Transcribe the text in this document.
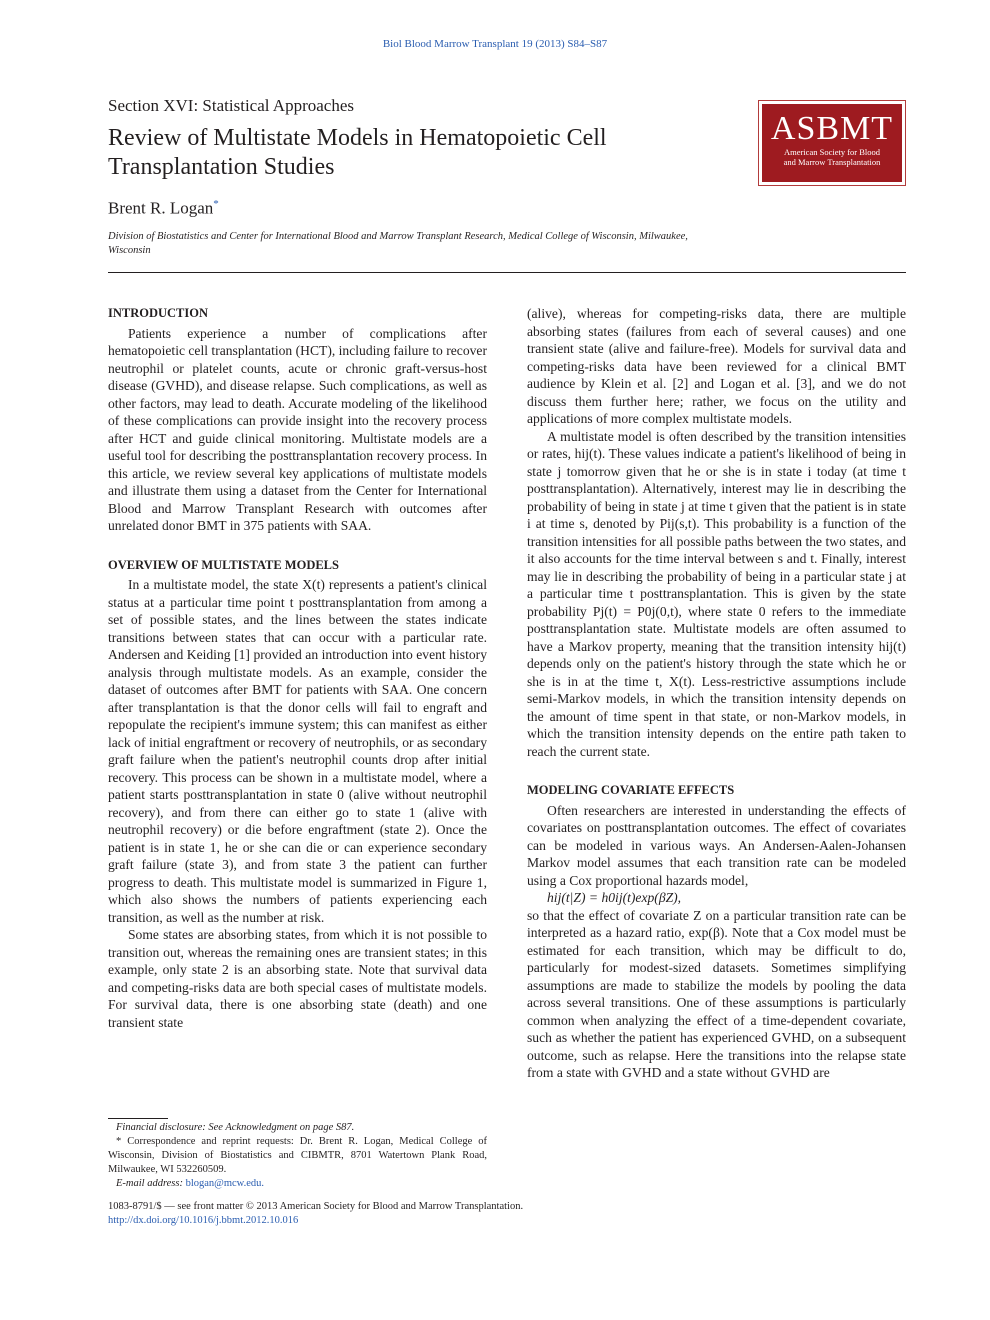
Biol Blood Marrow Transplant 19 (2013) S84–S87
Section XVI: Statistical Approaches
Review of Multistate Models in Hematopoietic Cell Transplantation Studies
Brent R. Logan*
Division of Biostatistics and Center for International Blood and Marrow Transplant Research, Medical College of Wisconsin, Milwaukee, Wisconsin
ASBMT
American Society for Blood
and Marrow Transplantation
INTRODUCTION

Patients experience a number of complications after hematopoietic cell transplantation (HCT), including failure to recover neutrophil or platelet counts, acute or chronic graft-versus-host disease (GVHD), and disease relapse. Such complications, as well as other factors, may lead to death. Accurate modeling of the likelihood of these complications can provide insight into the recovery process after HCT and guide clinical monitoring. Multistate models are a useful tool for describing the posttransplantation recovery process. In this article, we review several key applications of multistate models and illustrate them using a dataset from the Center for International Blood and Marrow Transplant Research with outcomes after unrelated donor BMT in 375 patients with SAA.

OVERVIEW OF MULTISTATE MODELS

In a multistate model, the state X(t) represents a patient's clinical status at a particular time point t posttransplantation from among a set of possible states, and the lines between the states indicate transitions between states that can occur with a particular rate. Andersen and Keiding [1] provided an introduction into event history analysis through multistate models. As an example, consider the dataset of outcomes after BMT for patients with SAA. One concern after transplantation is that the donor cells will fail to engraft and repopulate the recipient's immune system; this can manifest as either lack of initial engraftment or recovery of neutrophils, or as secondary graft failure when the patient's neutrophil counts drop after initial recovery. This process can be shown in a multistate model, where a patient starts posttransplantation in state 0 (alive without neutrophil recovery), and from there can either go to state 1 (alive with neutrophil recovery) or die before engraftment (state 2). Once the patient is in state 1, he or she can die or can experience secondary graft failure (state 3), and from state 3 the patient can further progress to death. This multistate model is summarized in Figure 1, which also shows the numbers of patients experiencing each transition, as well as the number at risk.

Some states are absorbing states, from which it is not possible to transition out, whereas the remaining ones are transient states; in this example, only state 2 is an absorbing state. Note that survival data and competing-risks data are both special cases of multistate models. For survival data, there is one absorbing state (death) and one transient state

(alive), whereas for competing-risks data, there are multiple absorbing states (failures from each of several causes) and one transient state (alive and failure-free). Models for survival data and competing-risks data have been reviewed for a clinical BMT audience by Klein et al. [2] and Logan et al. [3], and we do not discuss them further here; rather, we focus on the utility and applications of more complex multistate models.

A multistate model is often described by the transition intensities or rates, hij(t). These values indicate a patient's likelihood of being in state j tomorrow given that he or she is in state i today (at time t posttransplantation). Alternatively, interest may lie in describing the probability of being in state j at time t given that the patient is in state i at time s, denoted by Pij(s,t). This probability is a function of the transition intensities for all possible paths between the two states, and it also accounts for the time interval between s and t. Finally, interest may lie in describing the probability of being in a particular state j at a particular time t posttransplantation. This is given by the state probability Pj(t) = P0j(0,t), where state 0 refers to the immediate posttransplantation state. Multistate models are often assumed to have a Markov property, meaning that the transition intensity hij(t) depends only on the patient's history through the state which he or she is in at the time t, X(t). Less-restrictive assumptions include semi-Markov models, in which the transition intensity depends on the amount of time spent in that state, or non-Markov models, in which the transition intensity depends on the entire path taken to reach the current state.

MODELING COVARIATE EFFECTS

Often researchers are interested in understanding the effects of covariates on posttransplantation outcomes. The effect of covariates can be modeled in various ways. An Andersen-Aalen-Johansen Markov model assumes that each transition rate can be modeled using a Cox proportional hazards model,

hij(t|Z) = h0ij(t)exp(βZ),

so that the effect of covariate Z on a particular transition rate can be interpreted as a hazard ratio, exp(β). Note that a Cox model must be estimated for each transition, which may be difficult to do, particularly for modest-sized datasets. Sometimes simplifying assumptions are made to stabilize the models by pooling the data across several transitions. One of these assumptions is particularly common when analyzing the effect of a time-dependent covariate, such as whether the patient has experienced GVHD, on a subsequent outcome, such as relapse. Here the transitions into the relapse state from a state with GVHD and a state without GVHD are

Financial disclosure: See Acknowledgment on page S87.

* Correspondence and reprint requests: Dr. Brent R. Logan, Medical College of Wisconsin, Division of Biostatistics and CIBMTR, 8701 Watertown Plank Road, Milwaukee, WI 532260509.

E-mail address: blogan@mcw.edu.

1083-8791/$ — see front matter © 2013 American Society for Blood and Marrow Transplantation.
http://dx.doi.org/10.1016/j.bbmt.2012.10.016
